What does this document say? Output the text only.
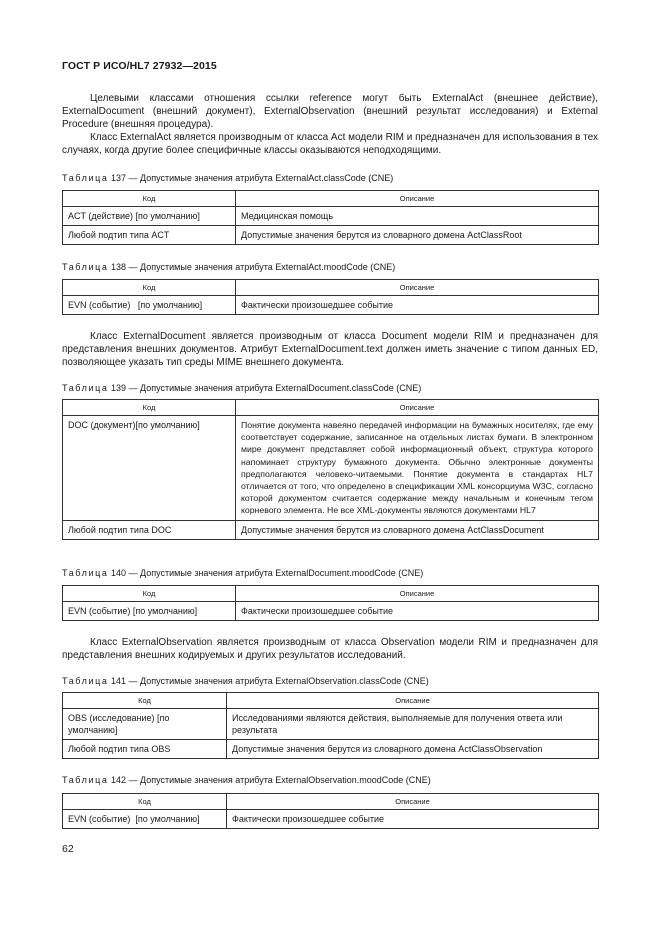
ГОСТ Р ИСО/HL7 27932—2015

Целевыми классами отношения ссылки reference могут быть ExternalAct (внешнее действие), ExternalDocument (внешний документ), ExternalObservation (внешний результат исследования) и External Procedure (внешняя процедура).

Класс ExternalAct является производным от класса Act модели RIM и предназначен для использования в тех случаях, когда другие более специфичные классы оказываются неподходящими.

Таблица 137 — Допустимые значения атрибута ExternalAct.classCode (CNE)
Код	Описание
ACT (действие) [по умолчанию]	Медицинская помощь
Любой подтип типа ACT	Допустимые значения берутся из словарного домена ActClassRoot
Таблица 138 — Допустимые значения атрибута ExternalAct.moodCode (CNE)
Код	Описание
EVN (событие)   [по умолчанию]	Фактически произошедшее событие

Класс ExternalDocument является производным от класса Document модели RIM и предназначен для представления внешних документов. Атрибут ExternalDocument.text должен иметь значение с типом данных ED, позволяющее указать тип среды MIME внешнего документа.

Таблица 139 — Допустимые значения атрибута ExternalDocument.classCode (CNE)
Код	Описание
DOC (документ)[по умолчанию]	Понятие документа навеяно передачей информации на бумажных носителях, где ему соответствует содержание, записанное на отдельных листах бумаги. В электронном мире документ представляет собой информационный объект, структура которого напоминает структуру бумажного документа. Обычно электронные документы предполагаются человеко-читаемыми. Понятие документа в стандартах HL7 отличается от того, что определено в спецификации XML консорциума W3C, согласно которой документом считается содержание между начальным и конечным тегом корневого элемента. Не все XML-документы являются документами HL7
Любой подтип типа DOC	Допустимые значения берутся из словарного домена ActClassDocument
Таблица 140 — Допустимые значения атрибута ExternalDocument.moodCode (CNE)
Код	Описание
EVN (событие) [по умолчанию]	Фактически произошедшее событие

Класс ExternalObservation является производным от класса Observation модели RIM и предназначен для представления внешних кодируемых и других результатов исследований.

Таблица 141 — Допустимые значения атрибута ExternalObservation.classCode (CNE)
Код	Описание
OBS (исследование) [по умолчанию]	Исследованиями являются действия, выполняемые для получения ответа или результата
Любой подтип типа OBS	Допустимые значения берутся из словарного домена ActClassObservation
Таблица 142 — Допустимые значения атрибута ExternalObservation.moodCode (CNE)
Код	Описание
EVN (событие)  [по умолчанию]	Фактически произошедшее событие
62
